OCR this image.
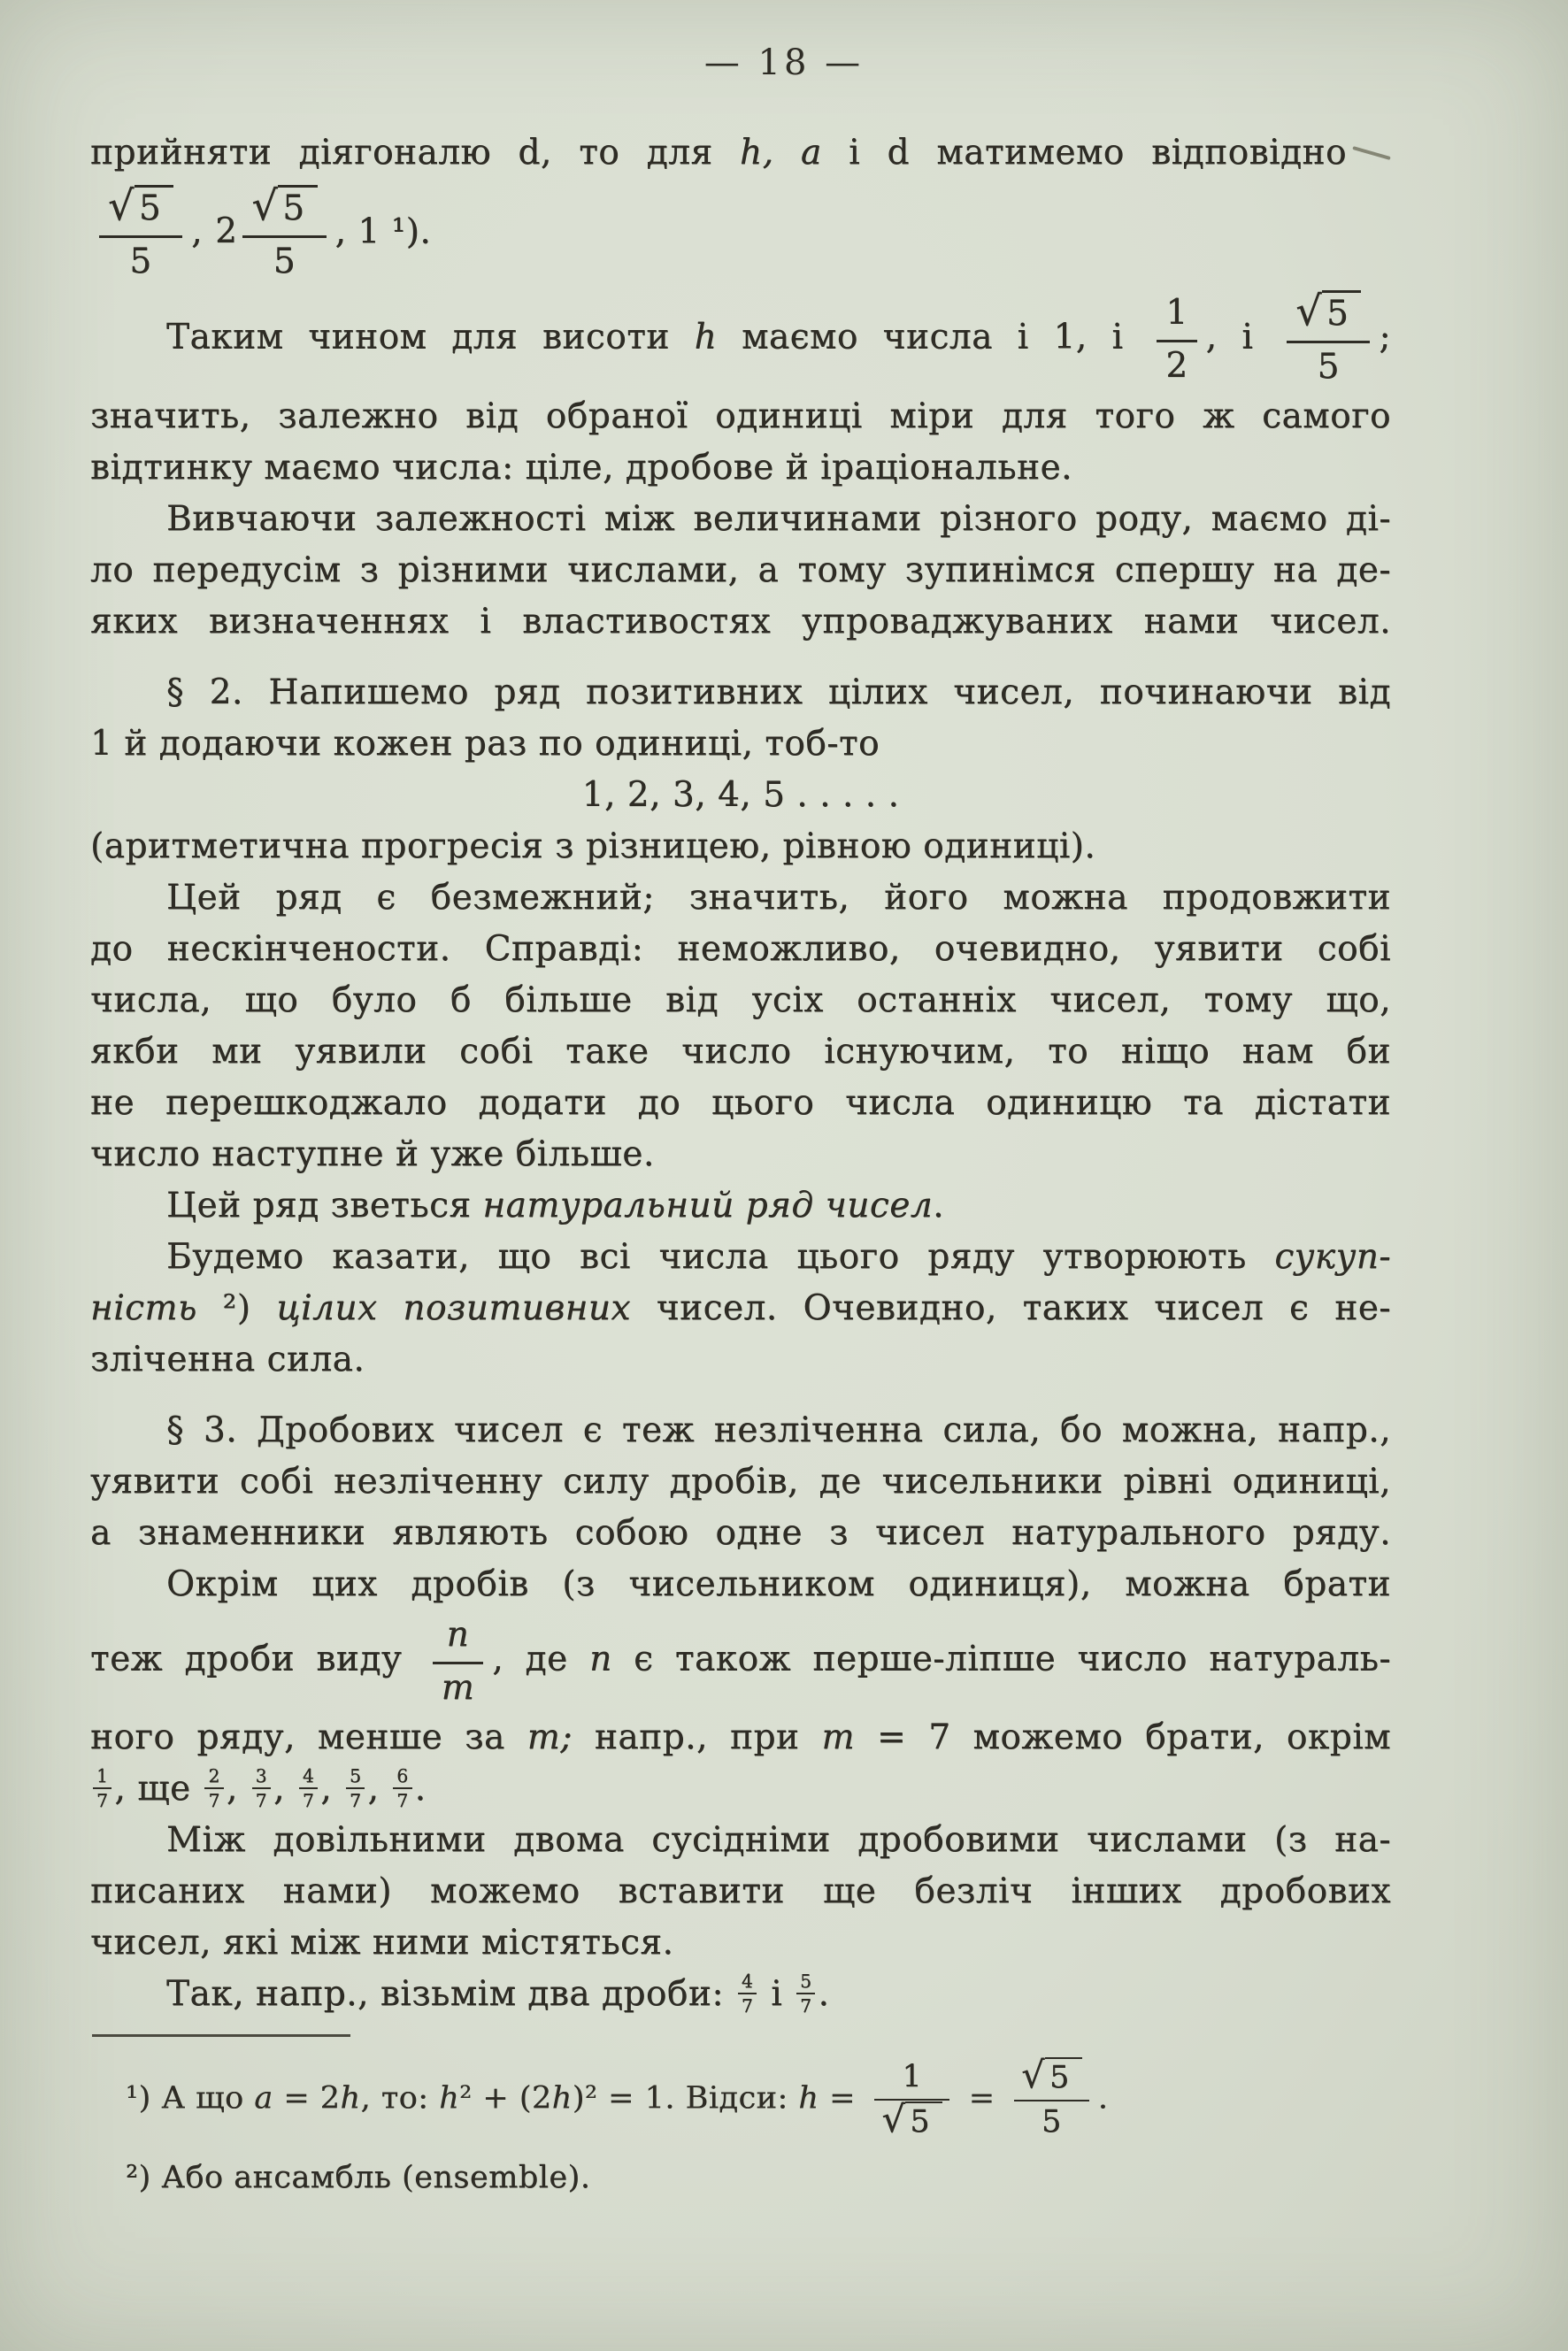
— 18 —
прийняти діягоналю d, то для h, a і d матимемо відповідно
$\frac{√ 5}{5}$ , $2 \frac{√ 5}{5}$ , 1 ¹).
Таким чином для висоти h маємо числа і 1, і $\frac{1}{2}$ , і $\frac{√ 5}{5}$ ;
значить, залежно від обраної одиниці міри для того ж самого
відтинку маємо числа: ціле, дробове й іраціональне.
Вивчаючи залежності між величинами різного роду, маємо ді-
ло передусім з різними числами, а тому зупинімся спершу на де-
яких визначеннях і властивостях упроваджуваних нами чисел.
§ 2. Напишемо ряд позитивних цілих чисел, починаючи від
1 й додаючи кожен раз по одиниці, тоб-то
1, 2, 3, 4, 5 . . . . .
(аритметична прогресія з різницею, рівною одиниці).
Цей ряд є безмежний; значить, його можна продовжити
до нескінчености. Справді: неможливо, очевидно, уявити собі
числа, що було б більше від усіх останніх чисел, тому що,
якби ми уявили собі таке число існуючим, то ніщо нам би
не перешкоджало додати до цього числа одиницю та дістати
число наступне й уже більше.
Цей ряд зветься натуральний ряд чисел.
Будемо казати, що всі числа цього ряду утворюють сукуп-
ність ²) цілих позитивних чисел. Очевидно, таких чисел є не-
зліченна сила.
§ 3. Дробових чисел є теж незліченна сила, бо можна, напр.,
уявити собі незліченну силу дробів, де чисельники рівні одиниці,
а знаменники являють собою одне з чисел натурального ряду.
Окрім цих дробів (з чисельником одиниця), можна брати
теж дроби виду $\frac{n}{m}$ , де n є також перше-ліпше число натураль-
ного ряду, менше за m; напр., при m = 7 можемо брати, окрім
$\frac{1}{7}$ , ще $\frac{2}{7}$ , $\frac{3}{7}$ , $\frac{4}{7}$ , $\frac{5}{7}$ , $\frac{6}{7}$ .
Між довільними двома сусідніми дробовими числами (з на-
писаних нами) можемо вставити ще безліч інших дробових
чисел, які між ними містяться.
Так, напр., візьмім два дроби: $\frac{4}{7}$ і $\frac{5}{7}$ .
¹) А що a = 2h, то: h² + (2h)² = 1. Відси: $h = \frac{1}{√ 5} = \frac{√ 5}{5}$ .
²) Або ансамбль (ensemble).
